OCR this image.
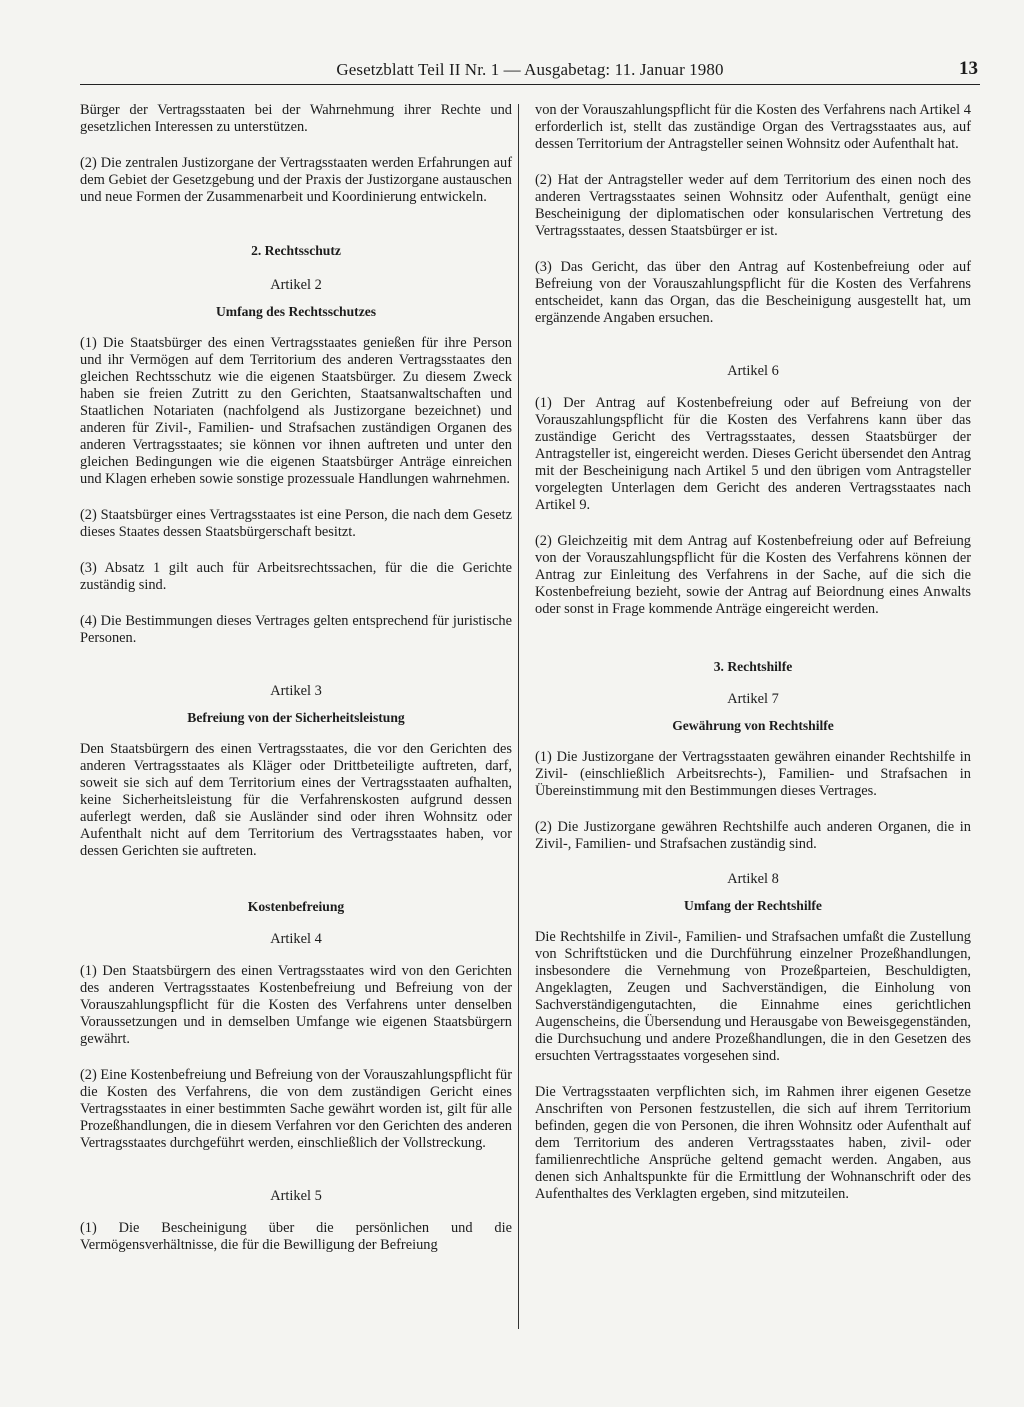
Gesetzblatt Teil II Nr. 1 — Ausgabetag: 11. Januar 1980	13

Bürger der Vertragsstaaten bei der Wahrnehmung ihrer Rechte und gesetzlichen Interessen zu unterstützen.

(2) Die zentralen Justizorgane der Vertragsstaaten werden Erfahrungen auf dem Gebiet der Gesetzgebung und der Praxis der Justizorgane austauschen und neue Formen der Zusammenarbeit und Koordinierung entwickeln.

2. Rechtsschutz

Artikel 2

Umfang des Rechtsschutzes

(1) Die Staatsbürger des einen Vertragsstaates genießen für ihre Person und ihr Vermögen auf dem Territorium des anderen Vertragsstaates den gleichen Rechtsschutz wie die eigenen Staatsbürger. Zu diesem Zweck haben sie freien Zutritt zu den Gerichten, Staatsanwaltschaften und Staatlichen Notariaten (nachfolgend als Justizorgane bezeichnet) und anderen für Zivil-, Familien- und Strafsachen zuständigen Organen des anderen Vertragsstaates; sie können vor ihnen auftreten und unter den gleichen Bedingungen wie die eigenen Staatsbürger Anträge einreichen und Klagen erheben sowie sonstige prozessuale Handlungen wahrnehmen.

(2) Staatsbürger eines Vertragsstaates ist eine Person, die nach dem Gesetz dieses Staates dessen Staatsbürgerschaft besitzt.

(3) Absatz 1 gilt auch für Arbeitsrechtssachen, für die die Gerichte zuständig sind.

(4) Die Bestimmungen dieses Vertrages gelten entsprechend für juristische Personen.

Artikel 3

Befreiung von der Sicherheitsleistung

Den Staatsbürgern des einen Vertragsstaates, die vor den Gerichten des anderen Vertragsstaates als Kläger oder Drittbeteiligte auftreten, darf, soweit sie sich auf dem Territorium eines der Vertragsstaaten aufhalten, keine Sicherheitsleistung für die Verfahrenskosten aufgrund dessen auferlegt werden, daß sie Ausländer sind oder ihren Wohnsitz oder Aufenthalt nicht auf dem Territorium des Vertragsstaates haben, vor dessen Gerichten sie auftreten.

Kostenbefreiung

Artikel 4

(1) Den Staatsbürgern des einen Vertragsstaates wird von den Gerichten des anderen Vertragsstaates Kostenbefreiung und Befreiung von der Vorauszahlungspflicht für die Kosten des Verfahrens unter denselben Voraussetzungen und in demselben Umfange wie eigenen Staatsbürgern gewährt.

(2) Eine Kostenbefreiung und Befreiung von der Vorauszahlungspflicht für die Kosten des Verfahrens, die von dem zuständigen Gericht eines Vertragsstaates in einer bestimmten Sache gewährt worden ist, gilt für alle Prozeßhandlungen, die in diesem Verfahren vor den Gerichten des anderen Vertragsstaates durchgeführt werden, einschließlich der Vollstreckung.

Artikel 5

(1) Die Bescheinigung über die persönlichen und die Vermögensverhältnisse, die für die Bewilligung der Befreiung

von der Vorauszahlungspflicht für die Kosten des Verfahrens nach Artikel 4 erforderlich ist, stellt das zuständige Organ des Vertragsstaates aus, auf dessen Territorium der Antragsteller seinen Wohnsitz oder Aufenthalt hat.

(2) Hat der Antragsteller weder auf dem Territorium des einen noch des anderen Vertragsstaates seinen Wohnsitz oder Aufenthalt, genügt eine Bescheinigung der diplomatischen oder konsularischen Vertretung des Vertragsstaates, dessen Staatsbürger er ist.

(3) Das Gericht, das über den Antrag auf Kostenbefreiung oder auf Befreiung von der Vorauszahlungspflicht für die Kosten des Verfahrens entscheidet, kann das Organ, das die Bescheinigung ausgestellt hat, um ergänzende Angaben ersuchen.

Artikel 6

(1) Der Antrag auf Kostenbefreiung oder auf Befreiung von der Vorauszahlungspflicht für die Kosten des Verfahrens kann über das zuständige Gericht des Vertragsstaates, dessen Staatsbürger der Antragsteller ist, eingereicht werden. Dieses Gericht übersendet den Antrag mit der Bescheinigung nach Artikel 5 und den übrigen vom Antragsteller vorgelegten Unterlagen dem Gericht des anderen Vertragsstaates nach Artikel 9.

(2) Gleichzeitig mit dem Antrag auf Kostenbefreiung oder auf Befreiung von der Vorauszahlungspflicht für die Kosten des Verfahrens können der Antrag zur Einleitung des Verfahrens in der Sache, auf die sich die Kostenbefreiung bezieht, sowie der Antrag auf Beiordnung eines Anwalts oder sonst in Frage kommende Anträge eingereicht werden.

3. Rechtshilfe

Artikel 7

Gewährung von Rechtshilfe

(1) Die Justizorgane der Vertragsstaaten gewähren einander Rechtshilfe in Zivil- (einschließlich Arbeitsrechts-), Familien- und Strafsachen in Übereinstimmung mit den Bestimmungen dieses Vertrages.

(2) Die Justizorgane gewähren Rechtshilfe auch anderen Organen, die in Zivil-, Familien- und Strafsachen zuständig sind.

Artikel 8

Umfang der Rechtshilfe

Die Rechtshilfe in Zivil-, Familien- und Strafsachen umfaßt die Zustellung von Schriftstücken und die Durchführung einzelner Prozeßhandlungen, insbesondere die Vernehmung von Prozeßparteien, Beschuldigten, Angeklagten, Zeugen und Sachverständigen, die Einholung von Sachverständigengutachten, die Einnahme eines gerichtlichen Augenscheins, die Übersendung und Herausgabe von Beweisgegenständen, die Durchsuchung und andere Prozeßhandlungen, die in den Gesetzen des ersuchten Vertragsstaates vorgesehen sind.

Die Vertragsstaaten verpflichten sich, im Rahmen ihrer eigenen Gesetze Anschriften von Personen festzustellen, die sich auf ihrem Territorium befinden, gegen die von Personen, die ihren Wohnsitz oder Aufenthalt auf dem Territorium des anderen Vertragsstaates haben, zivil- oder familienrechtliche Ansprüche geltend gemacht werden. Angaben, aus denen sich Anhaltspunkte für die Ermittlung der Wohnanschrift oder des Aufenthaltes des Verklagten ergeben, sind mitzuteilen.
